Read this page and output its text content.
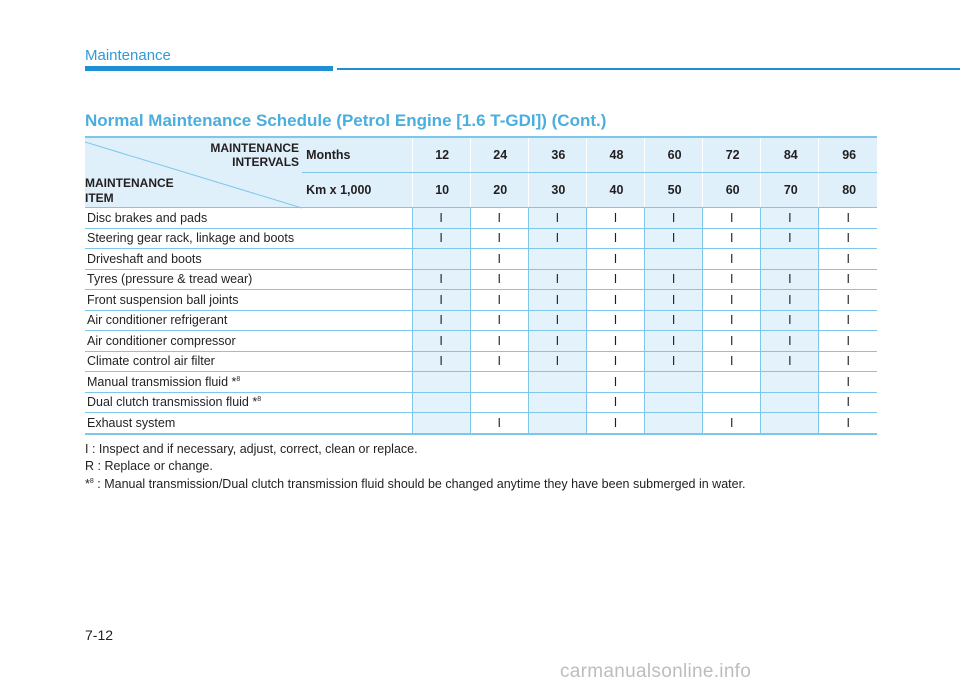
Maintenance
Normal Maintenance Schedule (Petrol Engine [1.6 T-GDI]) (Cont.)
MAINTENANCE
INTERVALS
MAINTENANCE
ITEM	Months	12	24	36	48	60	72	84	96
	Km x 1,000	10	20	30	40	50	60	70	80
Disc brakes and pads		I	I	I	I	I	I	I	I
Steering gear rack, linkage and boots		I	I	I	I	I	I	I	I
Driveshaft and boots			I		I		I		I
Tyres (pressure & tread wear)		I	I	I	I	I	I	I	I
Front suspension ball joints		I	I	I	I	I	I	I	I
Air conditioner refrigerant		I	I	I	I	I	I	I	I
Air conditioner compressor		I	I	I	I	I	I	I	I
Climate control air filter		I	I	I	I	I	I	I	I
Manual transmission fluid *$^8$					I				I
Dual clutch transmission fluid *$^8$					I				I
Exhaust system			I		I		I		I
I : Inspect and if necessary, adjust, correct, clean or replace.
R : Replace or change.
*$^8$ : Manual transmission/Dual clutch transmission fluid should be changed anytime they have been submerged in water.
7-12
carmanualsonline.info
